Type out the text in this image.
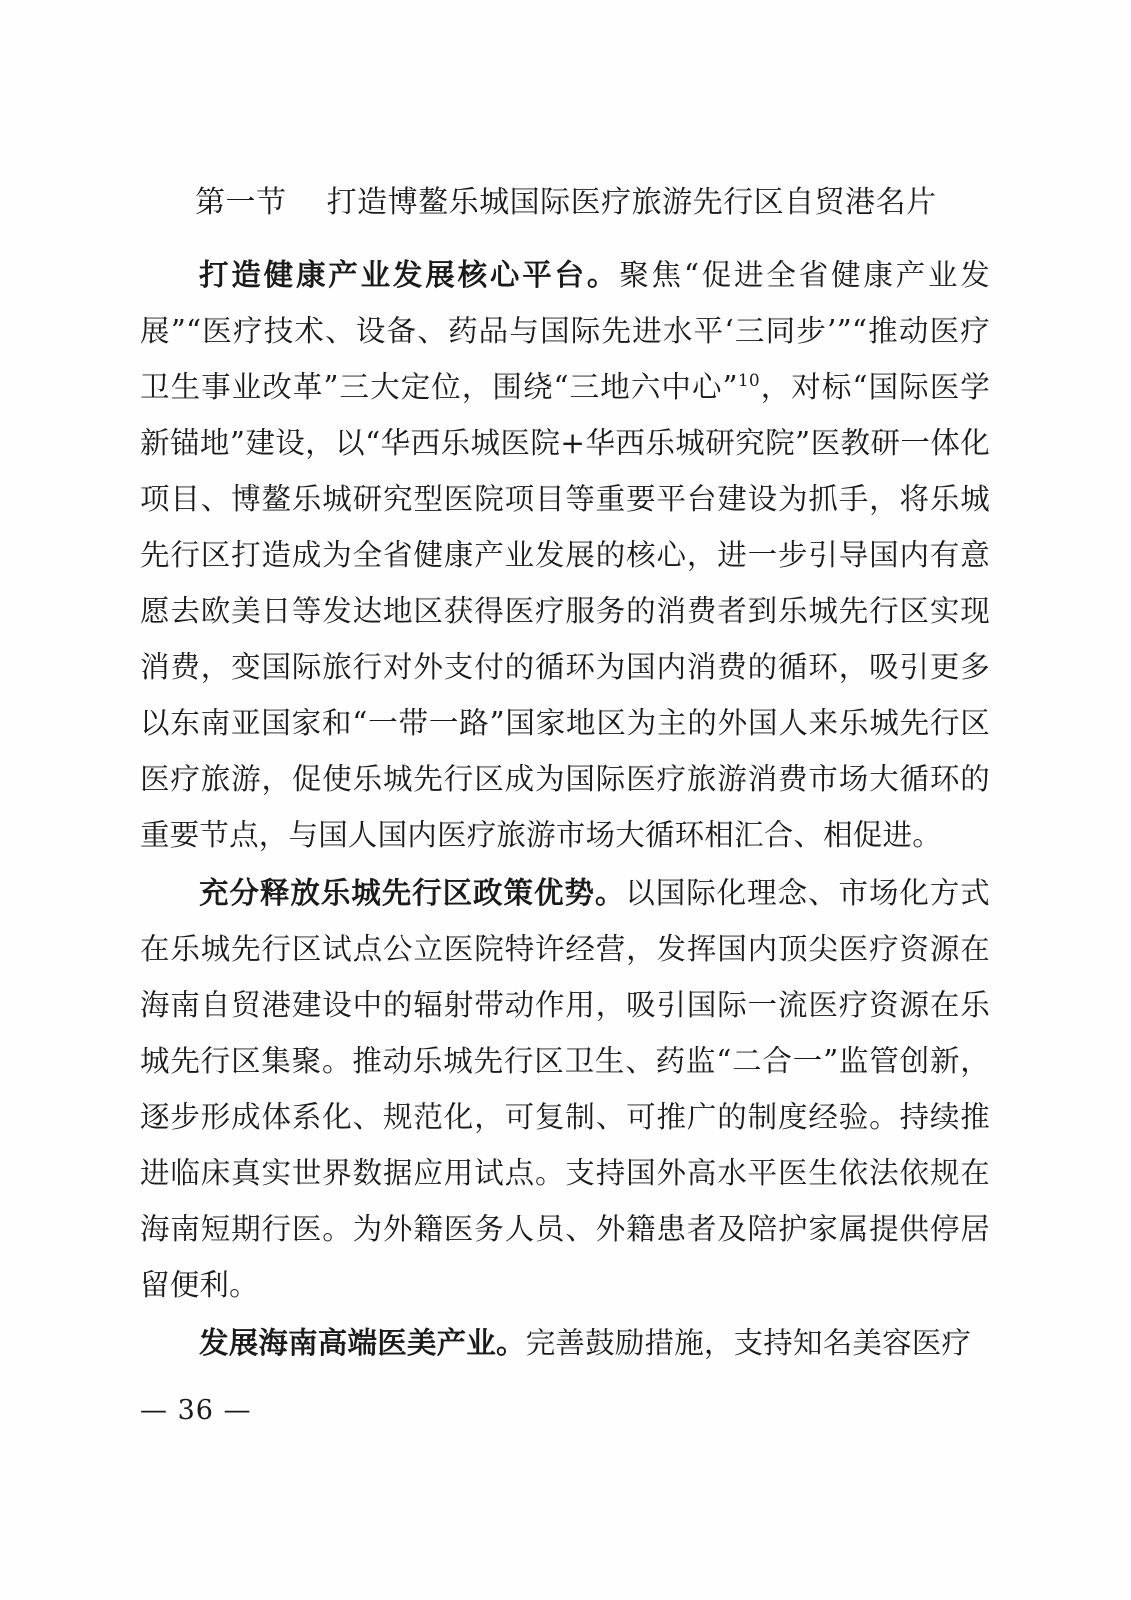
第一节    打造博鳌乐城国际医疗旅游先行区自贸港名片

打造健康产业发展核心平台。聚焦“促进全省健康产业发展”“医疗技术、设备、药品与国际先进水平‘三同步’”“推动医疗卫生事业改革”三大定位，围绕“三地六中心”$^{10}$，对标“国际医学新锚地”建设，以“华西乐城医院+华西乐城研究院”医教研一体化项目、博鳌乐城研究型医院项目等重要平台建设为抓手，将乐城先行区打造成为全省健康产业发展的核心，进一步引导国内有意愿去欧美日等发达地区获得医疗服务的消费者到乐城先行区实现消费，变国际旅行对外支付的循环为国内消费的循环，吸引更多以东南亚国家和“一带一路”国家地区为主的外国人来乐城先行区医疗旅游，促使乐城先行区成为国际医疗旅游消费市场大循环的重要节点，与国人国内医疗旅游市场大循环相汇合、相促进。

充分释放乐城先行区政策优势。以国际化理念、市场化方式在乐城先行区试点公立医院特许经营，发挥国内顶尖医疗资源在海南自贸港建设中的辐射带动作用，吸引国际一流医疗资源在乐城先行区集聚。推动乐城先行区卫生、药监“二合一”监管创新，逐步形成体系化、规范化，可复制、可推广的制度经验。持续推进临床真实世界数据应用试点。支持国外高水平医生依法依规在海南短期行医。为外籍医务人员、外籍患者及陪护家属提供停居留便利。

发展海南高端医美产业。完善鼓励措施，支持知名美容医疗

— 36 —
